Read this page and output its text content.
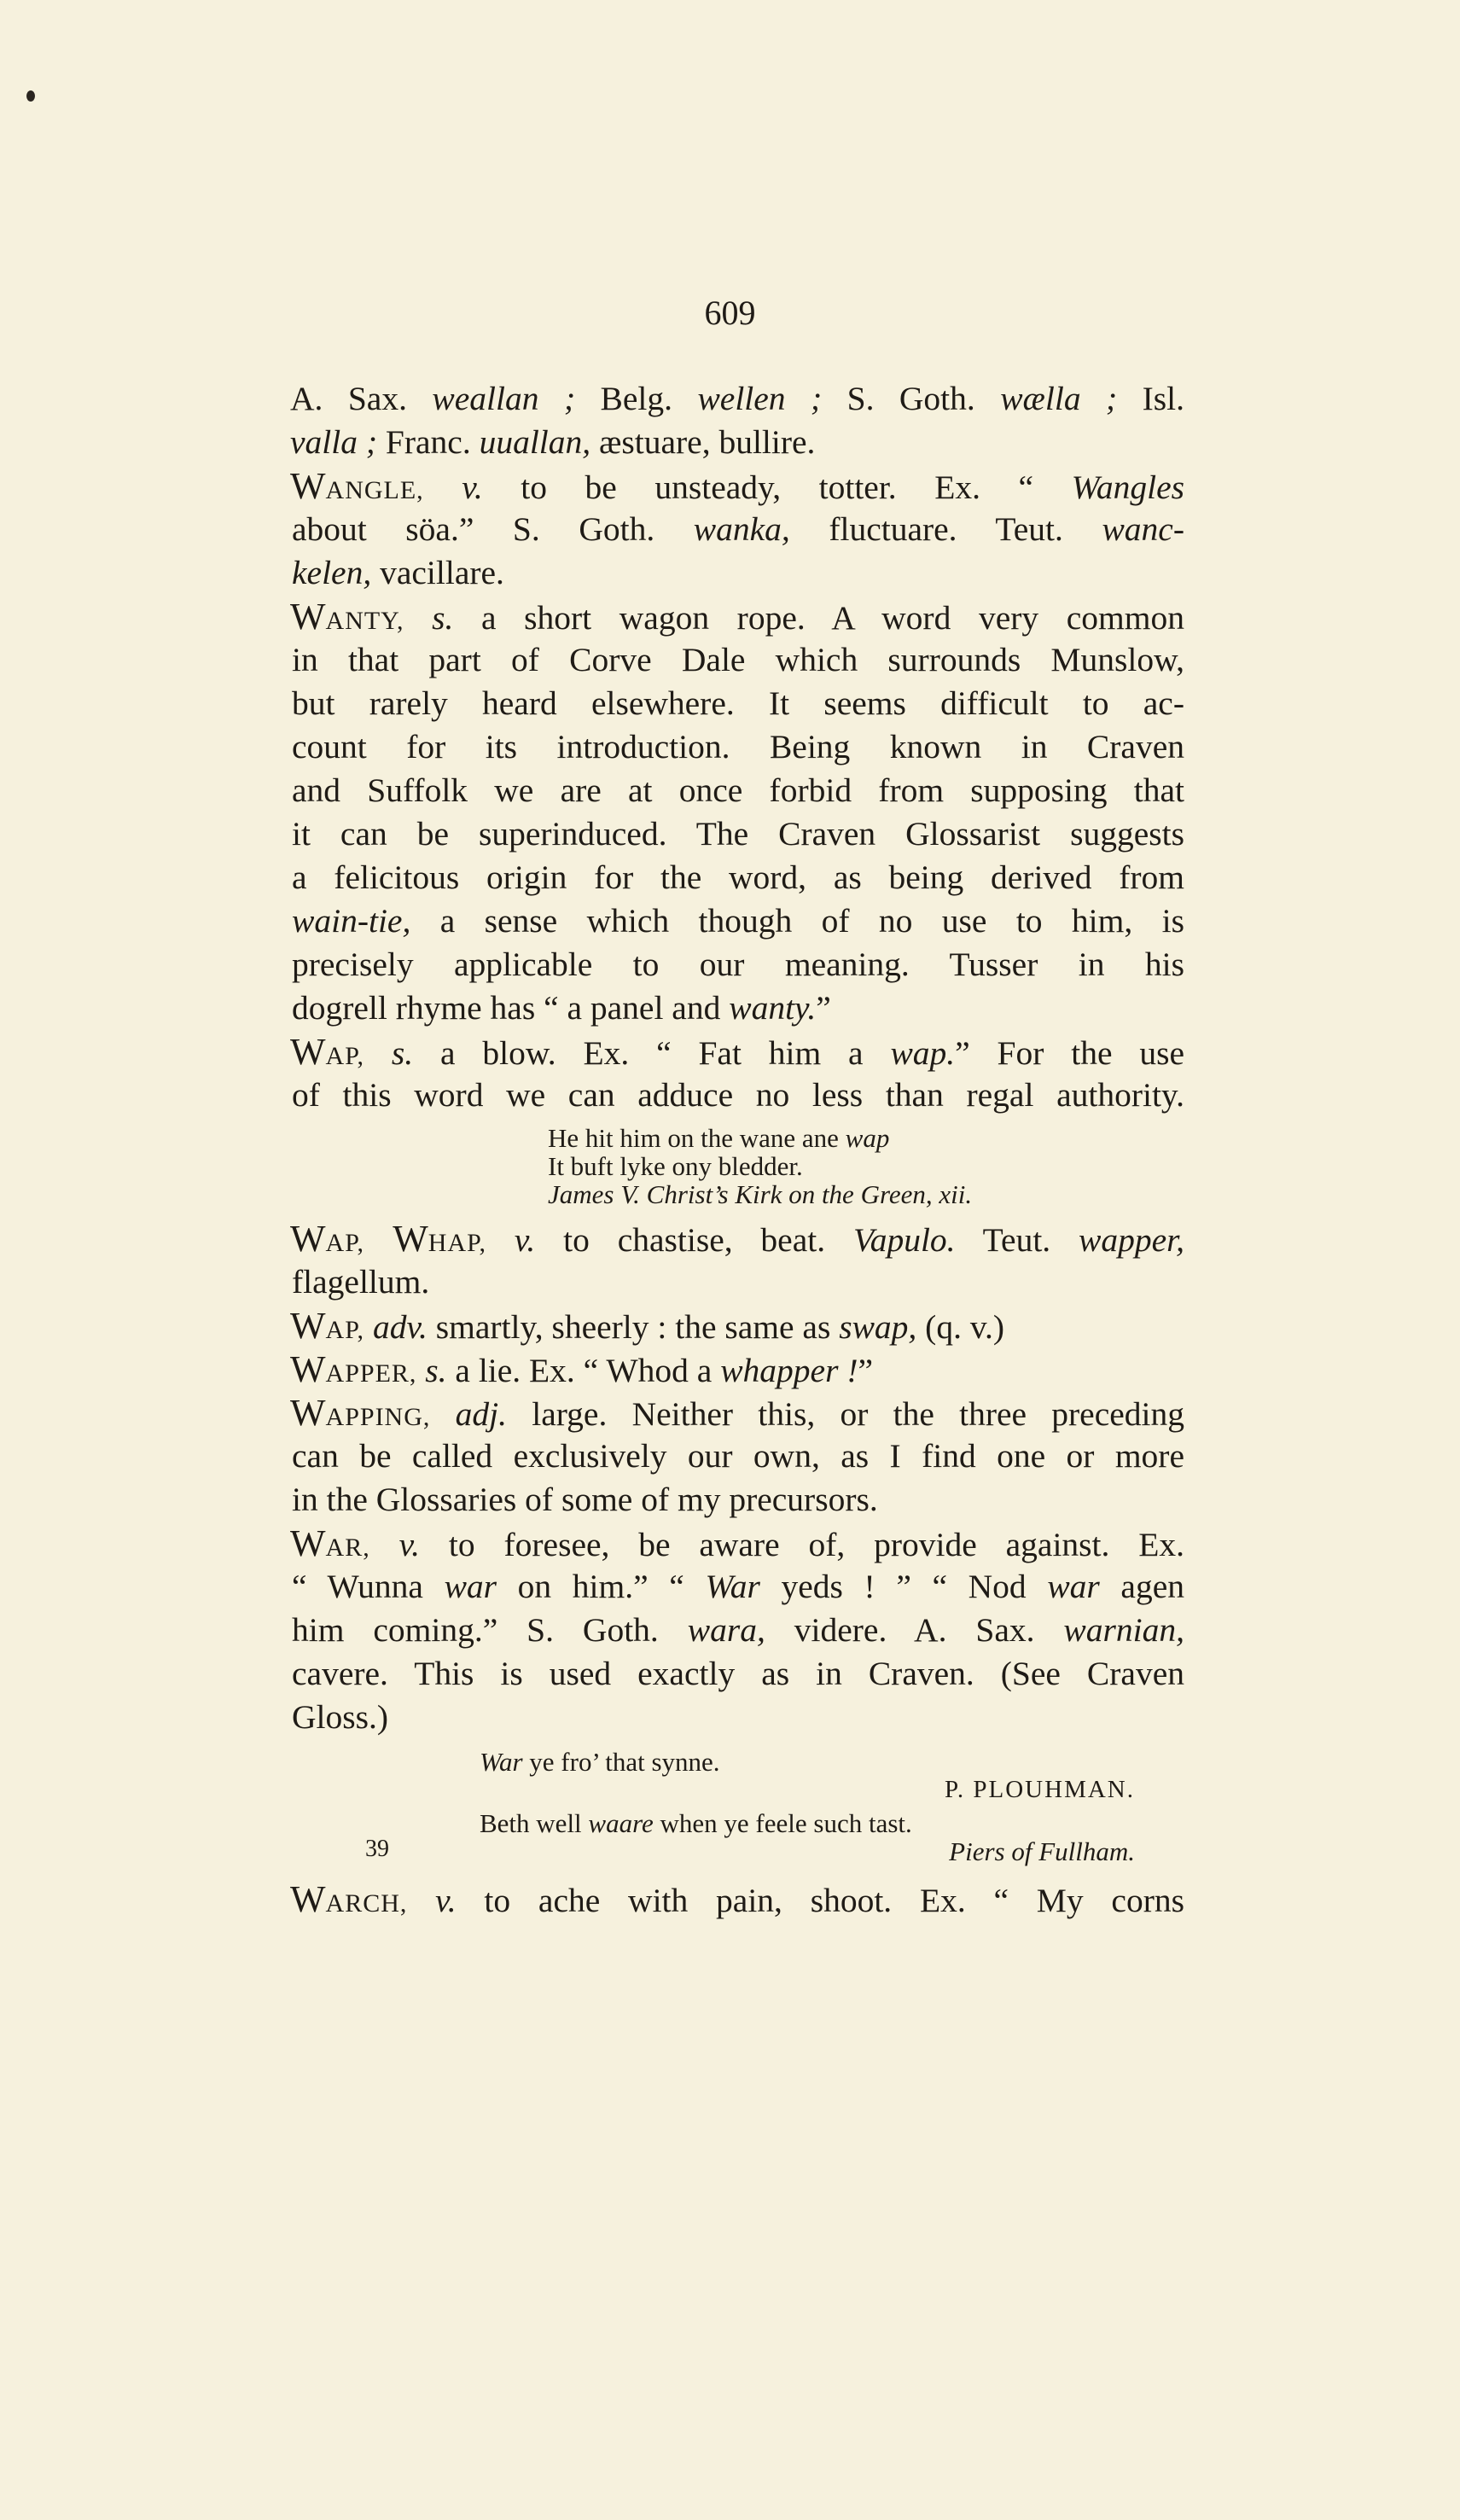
609
A. Sax. weallan ; Belg. wellen ; S. Goth. wælla ; Isl.
valla ; Franc. uuallan, æstuare, bullire.
WANGLE, v. to be unsteady, totter. Ex. “ Wangles
about söa.” S. Goth. wanka, fluctuare. Teut. wanc-
kelen, vacillare.
WANTY, s. a short wagon rope. A word very common
in that part of Corve Dale which surrounds Munslow,
but rarely heard elsewhere. It seems difficult to ac-
count for its introduction. Being known in Craven
and Suffolk we are at once forbid from supposing that
it can be superinduced. The Craven Glossarist suggests
a felicitous origin for the word, as being derived from
wain-tie, a sense which though of no use to him, is
precisely applicable to our meaning. Tusser in his
dogrell rhyme has “ a panel and wanty.”
WAP, s. a blow. Ex. “ Fat him a wap.” For the use
of this word we can adduce no less than regal authority.
He hit him on the wane ane wap
It buft lyke ony bledder.
James V. Christ’s Kirk on the Green, xii.
WAP, WHAP, v. to chastise, beat. Vapulo. Teut. wapper,
flagellum.
WAP, adv. smartly, sheerly : the same as swap, (q. v.)
WAPPER, s. a lie. Ex. “ Whod a whapper !”
WAPPING, adj. large. Neither this, or the three preceding
can be called exclusively our own, as I find one or more
in the Glossaries of some of my precursors.
WAR, v. to foresee, be aware of, provide against. Ex.
“ Wunna war on him.” “ War yeds ! ” “ Nod war agen
him coming.” S. Goth. wara, videre. A. Sax. warnian,
cavere. This is used exactly as in Craven. (See Craven
Gloss.)
War ye fro’ that synne.
P. PLOUHMAN.
Beth well waare when ye feele such tast.
Piers of Fullham.
WARCH, v. to ache with pain, shoot. Ex. “ My corns
39
